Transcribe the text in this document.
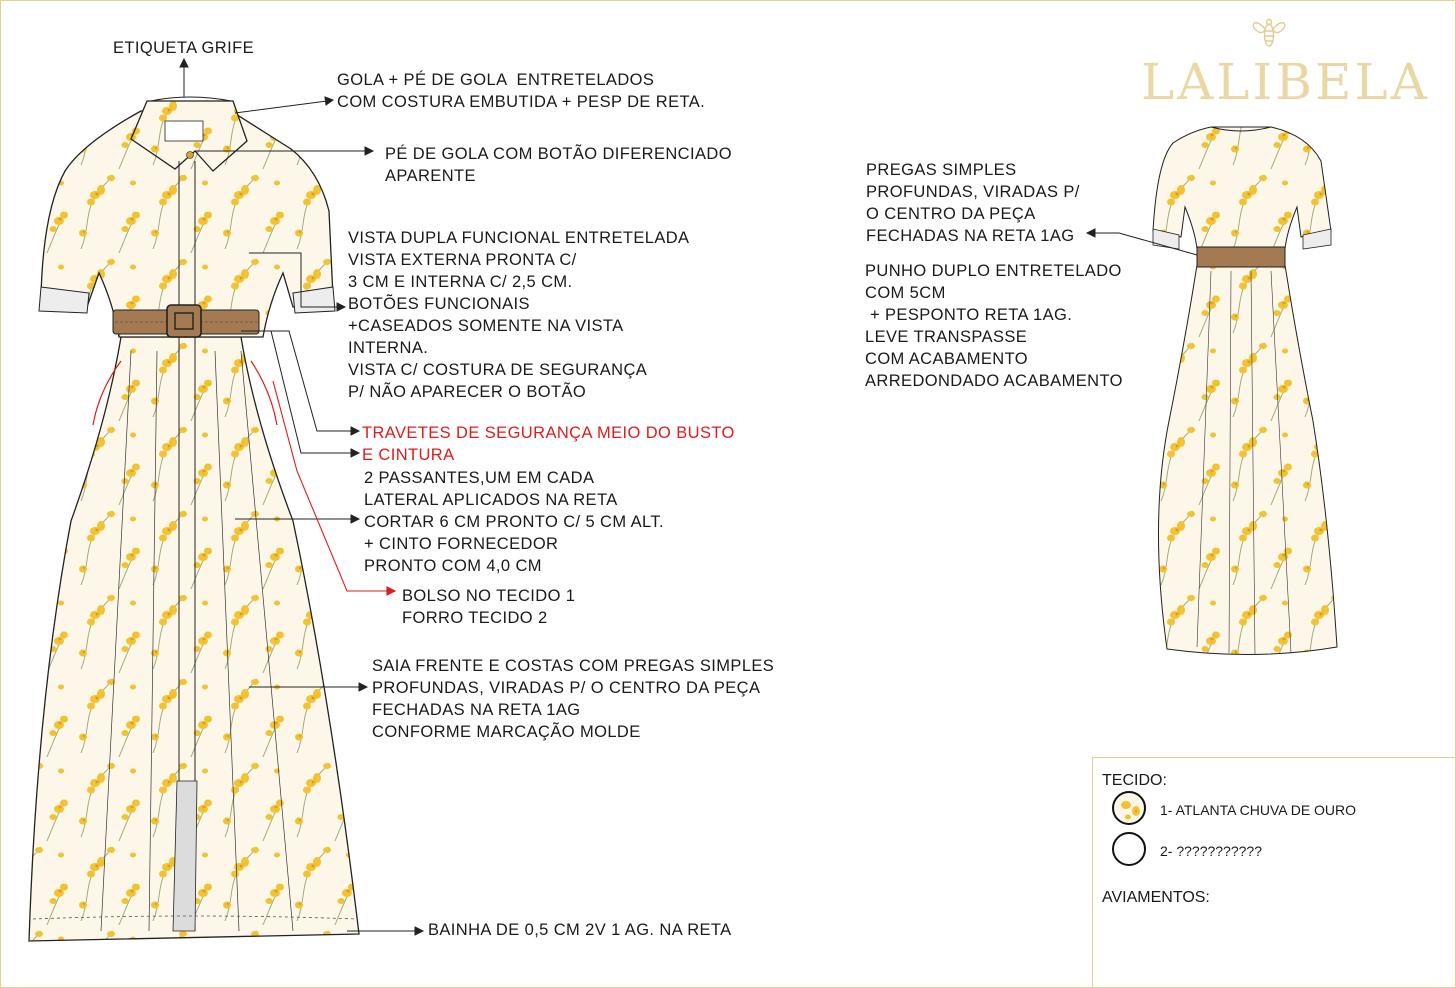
LALIBELA
ETIQUETA GRIFE
GOLA + PÉ DE GOLA  ENTRETELADOS
COM COSTURA EMBUTIDA + PESP DE RETA.
PÉ DE GOLA COM BOTÃO DIFERENCIADO
APARENTE
VISTA DUPLA FUNCIONAL ENTRETELADA
VISTA EXTERNA PRONTA C/
3 CM E INTERNA C/ 2,5 CM.
BOTÕES FUNCIONAIS
+CASEADOS SOMENTE NA VISTA
INTERNA.
VISTA C/ COSTURA DE SEGURANÇA
P/ NÃO APARECER O BOTÃO
TRAVETES DE SEGURANÇA MEIO DO BUSTO
E CINTURA
2 PASSANTES,UM EM CADA
LATERAL APLICADOS NA RETA
CORTAR 6 CM PRONTO C/ 5 CM ALT.
+ CINTO FORNECEDOR
PRONTO COM 4,0 CM
BOLSO NO TECIDO 1
FORRO TECIDO 2
SAIA FRENTE E COSTAS COM PREGAS SIMPLES
PROFUNDAS, VIRADAS P/ O CENTRO DA PEÇA
FECHADAS NA RETA 1AG
CONFORME MARCAÇÃO MOLDE
BAINHA DE 0,5 CM 2V 1 AG. NA RETA
PREGAS SIMPLES
PROFUNDAS, VIRADAS P/
O CENTRO DA PEÇA
FECHADAS NA RETA 1AG
PUNHO DUPLO ENTRETELADO
COM 5CM
+ PESPONTO RETA 1AG.
LEVE TRANSPASSE
COM ACABAMENTO
ARREDONDADO ACABAMENTO
TECIDO:
1- ATLANTA CHUVA DE OURO
2- ???????????
AVIAMENTOS:
